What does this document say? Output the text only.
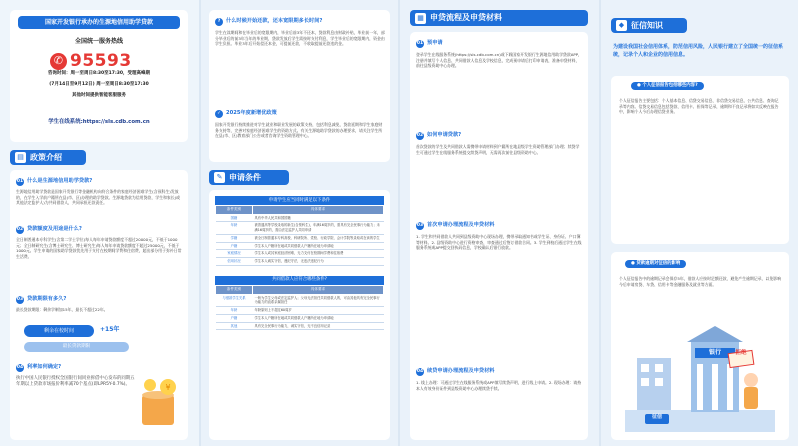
国家开发银行承办的生源地信用助学贷款
全国统一服务热线
✆ 95593
咨询时间：周一至周日8:30至17:30，受理高峰期
(7月14日至9月12日) 周一至周日8:30至17:30
其他时间提供智能客服服务
学生在线系统:https://sls.cdb.com.cn
▤ 政策介绍
01 什么是生源地信用助学贷款?
生源地信用助学贷款是国家开发银行等金融机构向符合条件的家庭经济困难学生(含预科生)发放的，在学生入学前户籍所在县(市、区)办理的助学贷款。生源地贷款为信用贷款，学生和家长(或其他法定监护人)为共同借款人，共同承担还款责任。
02 贷款额度及用途是什么?
全日制普通本专科学生(含第二学士学位)每人每年申请贷款额度不超过20000元，不低于1000元；全日制研究生(含博士研究生、博士研究生)每人每年申请贷款额度不超过25000元，不低于1000元。学生申请的国家助学贷款优先用于支付在校期间学费和住宿费，超出部分用于弥补日常生活费。
03 贷款期限有多久?
最长贷款期限：剩余学制加15年，最长不超过22年。
剩余在校时间	+15年
最长贷款期限
04 利率如何确定?
执行中国人民银行授权全国银行间同业拆借中心发布的同期五年期以上贷款市场报价利率减70个基点(即LPR5Y-0.7%)。	¥
?	什么时候开始还款，还本宽限期多长时间?
学生在读期间和在毕业后的宽限期内，毕业后前3年不还本，贷款利息由财政补贴，毕业前一年，部分毕业后的前3年当年的毕业期，贷款发放后学生需按时支付利息，学生毕业后的宽限期内，资金由学生负担。毕业3年后开始偿还本金，可提前还款，不收取提前还款违约金。
✓ 2025年度新增优政策
国家开发银行持续推进对学生就业和职业发展的政策支持，包括利息减免、贷款延期和学生家庭财务支持等，完善对家庭经济困难学生的资助方式。有关生源地助学贷款的办理要求，请关注学生所在县(市、区)教育部门公告或者咨询学生资助管理中心。
✎ 申请条件
申请学生应当同时满足以下条件
条件类别	具体要求
国籍	具有中华人民共和国国籍
年龄	被普通高等学校录取的新生(含预科生)，年满16周岁的，需具有完全民事行为能力；未满16周岁的，需由法定监护人共同申请
学籍	被全日制普通本专科高校、科研院所、党校、行政学院、会计学院等录取或在读的学生
户籍	学生本人户籍所在地或共同借款人户籍所在地为申请地
家庭情况	学生本人或其家庭经济困难，无力支付在校期间学费和住宿费
信用状况	学生本人诚实守信，遵纪守法，无违法违纪行为
共同借款人应符合哪些条件?
条件类别	具体要求
与借款学生关系	一般为学生父母或法定监护人；父母无法担任共同借款人的，可由其他具有完全民事行为能力的直系亲属担任
年龄	年龄原则上不超过60周岁
户籍	学生本人户籍所在地或共同借款人户籍所在地为申请地
其他	具有完全民事行为能力，诚实守信，无不良信用记录
▦ 申贷流程及申贷材料
01 预申请
登录学生在线服务系统(https://sls.cdb.com.cn)或下载国家开发银行生源地信用助学贷款APP，注册并填写个人信息、共同借款人信息及学校信息，完成预申请后打印申请表，准备申贷材料，前往县级资助中心办理。
02 如何申请贷款?
首次贷款的学生及共同借款人需携带申请材料到户籍所在地县级学生资助管理部门办理；续贷学生可通过学生在线服务系统提交续贷声明，无需再次前往县级资助中心。
03 首次申请办理流程及申贷材料
1. 学生和共同借款人共同到县级资助中心现场办理，携带录取通知书或学生证、身份证、户口簿等材料。2. 县级资助中心进行资格审查，审查通过后签订借款合同。3. 学生到校后通过学生在线服务系统或APP提交回执码信息，学校确认后银行放款。
04 续贷申请办理流程及申贷材料
1. 线上办理：可通过学生在线服务系统或APP填写续贷声明，进行线上申请。2. 现场办理：请持本人有效身份证件到县级资助中心办理续贷手续。
◆ 征信知识
为建设我国社会信用体系，防范信用风险，人民银行建立了全国统一的征信系统，记录个人和企业的信用信息。
● 个人征信报告包括哪些内容?
个人征信报告主要包括：个人基本信息、信贷交易信息、非信贷交易信息、公共信息、查询记录等内容。信贷交易信息包括贷款、信用卡、担保等记录，逾期和不良记录将如实反映在报告中，影响个人今后办理信贷业务。
● 贷款逾期对征信的影响
个人征信报告中的逾期记录会保存5年，借款人应按时足额还款，避免产生逾期记录，以免影响今后申请房贷、车贷、信用卡等金融服务及就业等方面。
银行	拒绝
征信
